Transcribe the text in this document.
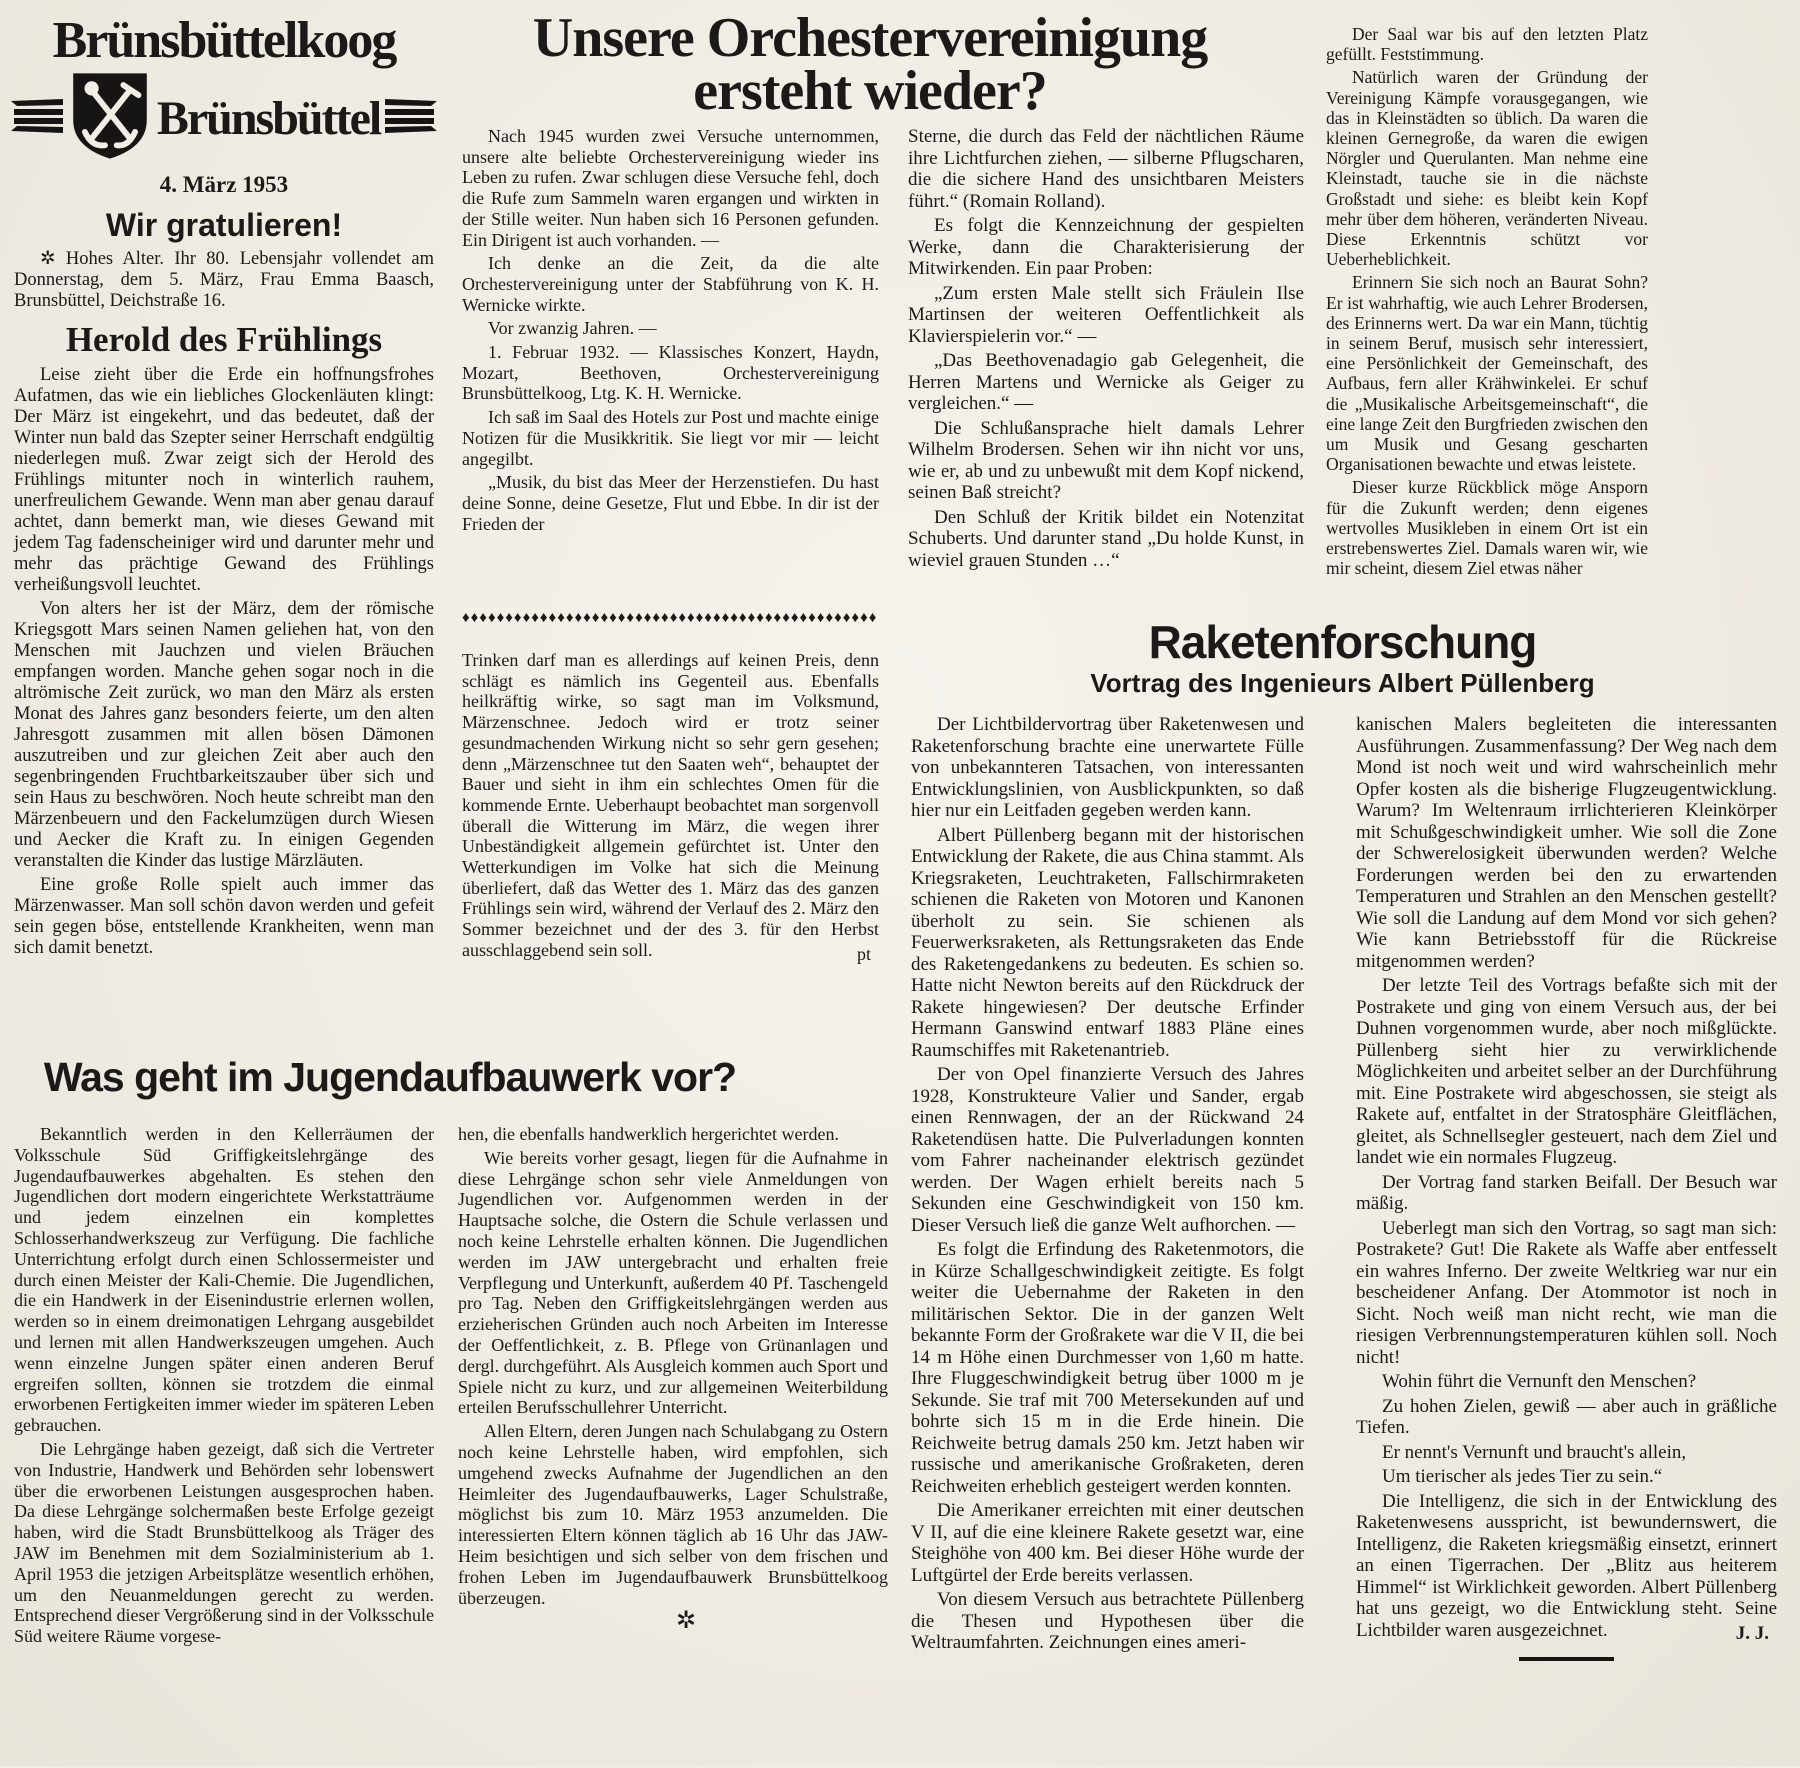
Brünsbüttelkoog
Brünsbüttel
4. März 1953
Wir gratulieren!

✲ Hohes Alter. Ihr 80. Lebensjahr vollendet am Donnerstag, dem 5. März, Frau Emma Baasch, Brunsbüttel, Deichstraße 16.

Herold des Frühlings

Leise zieht über die Erde ein hoffnungsfrohes Aufatmen, das wie ein liebliches Glockenläuten klingt: Der März ist eingekehrt, und das bedeutet, daß der Winter nun bald das Szepter seiner Herrschaft endgültig niederlegen muß. Zwar zeigt sich der Herold des Frühlings mitunter noch in winterlich rauhem, unerfreulichem Gewande. Wenn man aber genau darauf achtet, dann bemerkt man, wie dieses Gewand mit jedem Tag fadenscheiniger wird und darunter mehr und mehr das prächtige Gewand des Frühlings verheißungsvoll leuchtet.

Von alters her ist der März, dem der römische Kriegsgott Mars seinen Namen geliehen hat, von den Menschen mit Jauchzen und vielen Bräuchen empfangen worden. Manche gehen sogar noch in die altrömische Zeit zurück, wo man den März als ersten Monat des Jahres ganz besonders feierte, um den alten Jahresgott zusammen mit allen bösen Dämonen auszutreiben und zur gleichen Zeit aber auch den segenbringenden Fruchtbarkeitszauber über sich und sein Haus zu beschwören. Noch heute schreibt man den Märzenbeuern und den Fackelumzügen durch Wiesen und Aecker die Kraft zu. In einigen Gegenden veranstalten die Kinder das lustige Märzläuten.

Eine große Rolle spielt auch immer das Märzenwasser. Man soll schön davon werden und gefeit sein gegen böse, entstellende Krankheiten, wenn man sich damit benetzt.

Unsere Orchestervereinigung
ersteht wieder?

Nach 1945 wurden zwei Versuche unternommen, unsere alte beliebte Orchestervereinigung wieder ins Leben zu rufen. Zwar schlugen diese Versuche fehl, doch die Rufe zum Sammeln waren ergangen und wirkten in der Stille weiter. Nun haben sich 16 Personen gefunden. Ein Dirigent ist auch vorhanden. —

Ich denke an die Zeit, da die alte Orchestervereinigung unter der Stabführung von K. H. Wernicke wirkte.

Vor zwanzig Jahren. —

1. Februar 1932. — Klassisches Konzert, Haydn, Mozart, Beethoven, Orchestervereinigung Brunsbüttelkoog, Ltg. K. H. Wernicke.

Ich saß im Saal des Hotels zur Post und machte einige Notizen für die Musikkritik. Sie liegt vor mir — leicht angegilbt.

„Musik, du bist das Meer der Herzenstiefen. Du hast deine Sonne, deine Gesetze, Flut und Ebbe. In dir ist der Frieden der

Sterne, die durch das Feld der nächtlichen Räume ihre Lichtfurchen ziehen, — silberne Pflugscharen, die die sichere Hand des unsichtbaren Meisters führt.“ (Romain Rolland).

Es folgt die Kennzeichnung der gespielten Werke, dann die Charakterisierung der Mitwirkenden. Ein paar Proben:

„Zum ersten Male stellt sich Fräulein Ilse Martinsen der weiteren Oeffentlichkeit als Klavierspielerin vor.“ —

„Das Beethovenadagio gab Gelegenheit, die Herren Martens und Wernicke als Geiger zu vergleichen.“ —

Die Schlußansprache hielt damals Lehrer Wilhelm Brodersen. Sehen wir ihn nicht vor uns, wie er, ab und zu unbewußt mit dem Kopf nickend, seinen Baß streicht?

Den Schluß der Kritik bildet ein Notenzitat Schuberts. Und darunter stand „Du holde Kunst, in wieviel grauen Stunden …“

♦♦♦♦♦♦♦♦♦♦♦♦♦♦♦♦♦♦♦♦♦♦♦♦♦♦♦♦♦♦♦♦♦♦♦♦♦♦♦♦♦♦♦♦♦♦♦♦

Trinken darf man es allerdings auf keinen Preis, denn schlägt es nämlich ins Gegenteil aus. Ebenfalls heilkräftig wirke, so sagt man im Volksmund, Märzenschnee. Jedoch wird er trotz seiner gesundmachenden Wirkung nicht so sehr gern gesehen; denn „Märzenschnee tut den Saaten weh“, behauptet der Bauer und sieht in ihm ein schlechtes Omen für die kommende Ernte. Ueberhaupt beobachtet man sorgenvoll überall die Witterung im März, die wegen ihrer Unbeständigkeit allgemein gefürchtet ist. Unter den Wetterkundigen im Volke hat sich die Meinung überliefert, daß das Wetter des 1. März das des ganzen Frühlings sein wird, während der Verlauf des 2. März den Sommer bezeichnet und der des 3. für den Herbst ausschlaggebend sein soll.	pt

Der Saal war bis auf den letzten Platz gefüllt. Feststimmung.

Natürlich waren der Gründung der Vereinigung Kämpfe vorausgegangen, wie das in Kleinstädten so üblich. Da waren die kleinen Gernegroße, da waren die ewigen Nörgler und Querulanten. Man nehme eine Kleinstadt, tauche sie in die nächste Großstadt und siehe: es bleibt kein Kopf mehr über dem höheren, veränderten Niveau. Diese Erkenntnis schützt vor Ueberheblichkeit.

Erinnern Sie sich noch an Baurat Sohn? Er ist wahrhaftig, wie auch Lehrer Brodersen, des Erinnerns wert. Da war ein Mann, tüchtig in seinem Beruf, musisch sehr interessiert, eine Persönlichkeit der Gemeinschaft, des Aufbaus, fern aller Krähwinkelei. Er schuf die „Musikalische Arbeitsgemeinschaft“, die eine lange Zeit den Burgfrieden zwischen den um Musik und Gesang gescharten Organisationen bewachte und etwas leistete.

Dieser kurze Rückblick möge Ansporn für die Zukunft werden; denn eigenes wertvolles Musikleben in einem Ort ist ein erstrebenswertes Ziel. Damals waren wir, wie mir scheint, diesem Ziel etwas näher

Raketenforschung
Vortrag des Ingenieurs Albert Püllenberg

Der Lichtbildervortrag über Raketenwesen und Raketenforschung brachte eine unerwartete Fülle von unbekannteren Tatsachen, von interessanten Entwicklungslinien, von Ausblickpunkten, so daß hier nur ein Leitfaden gegeben werden kann.

Albert Püllenberg begann mit der historischen Entwicklung der Rakete, die aus China stammt. Als Kriegsraketen, Leuchtraketen, Fallschirmraketen schienen die Raketen von Motoren und Kanonen überholt zu sein. Sie schienen als Feuerwerksraketen, als Rettungsraketen das Ende des Raketengedankens zu bedeuten. Es schien so. Hatte nicht Newton bereits auf den Rückdruck der Rakete hingewiesen? Der deutsche Erfinder Hermann Ganswind entwarf 1883 Pläne eines Raumschiffes mit Raketenantrieb.

Der von Opel finanzierte Versuch des Jahres 1928, Konstrukteure Valier und Sander, ergab einen Rennwagen, der an der Rückwand 24 Raketendüsen hatte. Die Pulverladungen konnten vom Fahrer nacheinander elektrisch gezündet werden. Der Wagen erhielt bereits nach 5 Sekunden eine Geschwindigkeit von 150 km. Dieser Versuch ließ die ganze Welt aufhorchen. —

Es folgt die Erfindung des Raketenmotors, die in Kürze Schallgeschwindigkeit zeitigte. Es folgt weiter die Uebernahme der Raketen in den militärischen Sektor. Die in der ganzen Welt bekannte Form der Großrakete war die V II, die bei 14 m Höhe einen Durchmesser von 1,60 m hatte. Ihre Fluggeschwindigkeit betrug über 1000 m je Sekunde. Sie traf mit 700 Metersekunden auf und bohrte sich 15 m in die Erde hinein. Die Reichweite betrug damals 250 km. Jetzt haben wir russische und amerikanische Großraketen, deren Reichweiten erheblich gesteigert werden konnten.

Die Amerikaner erreichten mit einer deutschen V II, auf die eine kleinere Rakete gesetzt war, eine Steighöhe von 400 km. Bei dieser Höhe wurde der Luftgürtel der Erde bereits verlassen.

Von diesem Versuch aus betrachtete Püllenberg die Thesen und Hypothesen über die Weltraumfahrten. Zeichnungen eines ameri-

kanischen Malers begleiteten die interessanten Ausführungen. Zusammenfassung? Der Weg nach dem Mond ist noch weit und wird wahrscheinlich mehr Opfer kosten als die bisherige Flugzeugentwicklung. Warum? Im Weltenraum irrlichterieren Kleinkörper mit Schußgeschwindigkeit umher. Wie soll die Zone der Schwerelosigkeit überwunden werden? Welche Forderungen werden bei den zu erwartenden Temperaturen und Strahlen an den Menschen gestellt? Wie soll die Landung auf dem Mond vor sich gehen? Wie kann Betriebsstoff für die Rückreise mitgenommen werden?

Der letzte Teil des Vortrags befaßte sich mit der Postrakete und ging von einem Versuch aus, der bei Duhnen vorgenommen wurde, aber noch mißglückte. Püllenberg sieht hier zu verwirklichende Möglichkeiten und arbeitet selber an der Durchführung mit. Eine Postrakete wird abgeschossen, sie steigt als Rakete auf, entfaltet in der Stratosphäre Gleitflächen, gleitet, als Schnellsegler gesteuert, nach dem Ziel und landet wie ein normales Flugzeug.

Der Vortrag fand starken Beifall. Der Besuch war mäßig.

Ueberlegt man sich den Vortrag, so sagt man sich: Postrakete? Gut! Die Rakete als Waffe aber entfesselt ein wahres Inferno. Der zweite Weltkrieg war nur ein bescheidener Anfang. Der Atommotor ist noch in Sicht. Noch weiß man nicht recht, wie man die riesigen Verbrennungstemperaturen kühlen soll. Noch nicht!

Wohin führt die Vernunft den Menschen?

Zu hohen Zielen, gewiß — aber auch in gräßliche Tiefen.

Er nennt's Vernunft und braucht's allein,

Um tierischer als jedes Tier zu sein.“

Die Intelligenz, die sich in der Entwicklung des Raketenwesens ausspricht, ist bewundernswert, die Intelligenz, die Raketen kriegsmäßig einsetzt, erinnert an einen Tigerrachen. Der „Blitz aus heiterem Himmel“ ist Wirklichkeit geworden. Albert Püllenberg hat uns gezeigt, wo die Entwicklung steht. Seine Lichtbilder waren ausgezeichnet.	J. J.
Was geht im Jugendaufbauwerk vor?

Bekanntlich werden in den Kellerräumen der Volksschule Süd Griffigkeitslehrgänge des Jugendaufbauwerkes abgehalten. Es stehen den Jugendlichen dort modern eingerichtete Werkstatträume und jedem einzelnen ein komplettes Schlosserhandwerkszeug zur Verfügung. Die fachliche Unterrichtung erfolgt durch einen Schlossermeister und durch einen Meister der Kali-Chemie. Die Jugendlichen, die ein Handwerk in der Eisenindustrie erlernen wollen, werden so in einem dreimonatigen Lehrgang ausgebildet und lernen mit allen Handwerkszeugen umgehen. Auch wenn einzelne Jungen später einen anderen Beruf ergreifen sollten, können sie trotzdem die einmal erworbenen Fertigkeiten immer wieder im späteren Leben gebrauchen.

Die Lehrgänge haben gezeigt, daß sich die Vertreter von Industrie, Handwerk und Behörden sehr lobenswert über die erworbenen Leistungen ausgesprochen haben. Da diese Lehrgänge solchermaßen beste Erfolge gezeigt haben, wird die Stadt Brunsbüttelkoog als Träger des JAW im Benehmen mit dem Sozialministerium ab 1. April 1953 die jetzigen Arbeitsplätze wesentlich erhöhen, um den Neuanmeldungen gerecht zu werden. Entsprechend dieser Vergrößerung sind in der Volksschule Süd weitere Räume vorgese-

hen, die ebenfalls handwerklich hergerichtet werden.

Wie bereits vorher gesagt, liegen für die Aufnahme in diese Lehrgänge schon sehr viele Anmeldungen von Jugendlichen vor. Aufgenommen werden in der Hauptsache solche, die Ostern die Schule verlassen und noch keine Lehrstelle erhalten können. Die Jugendlichen werden im JAW untergebracht und erhalten freie Verpflegung und Unterkunft, außerdem 40 Pf. Taschengeld pro Tag. Neben den Griffigkeitslehrgängen werden aus erzieherischen Gründen auch noch Arbeiten im Interesse der Oeffentlichkeit, z. B. Pflege von Grünanlagen und dergl. durchgeführt. Als Ausgleich kommen auch Sport und Spiele nicht zu kurz, und zur allgemeinen Weiterbildung erteilen Berufsschullehrer Unterricht.

Allen Eltern, deren Jungen nach Schulabgang zu Ostern noch keine Lehrstelle haben, wird empfohlen, sich umgehend zwecks Aufnahme der Jugendlichen an den Heimleiter des Jugendaufbauwerks, Lager Schulstraße, möglichst bis zum 10. März 1953 anzumelden. Die interessierten Eltern können täglich ab 16 Uhr das JAW-Heim besichtigen und sich selber von dem frischen und frohen Leben im Jugendaufbauwerk Brunsbüttelkoog überzeugen.

✲
